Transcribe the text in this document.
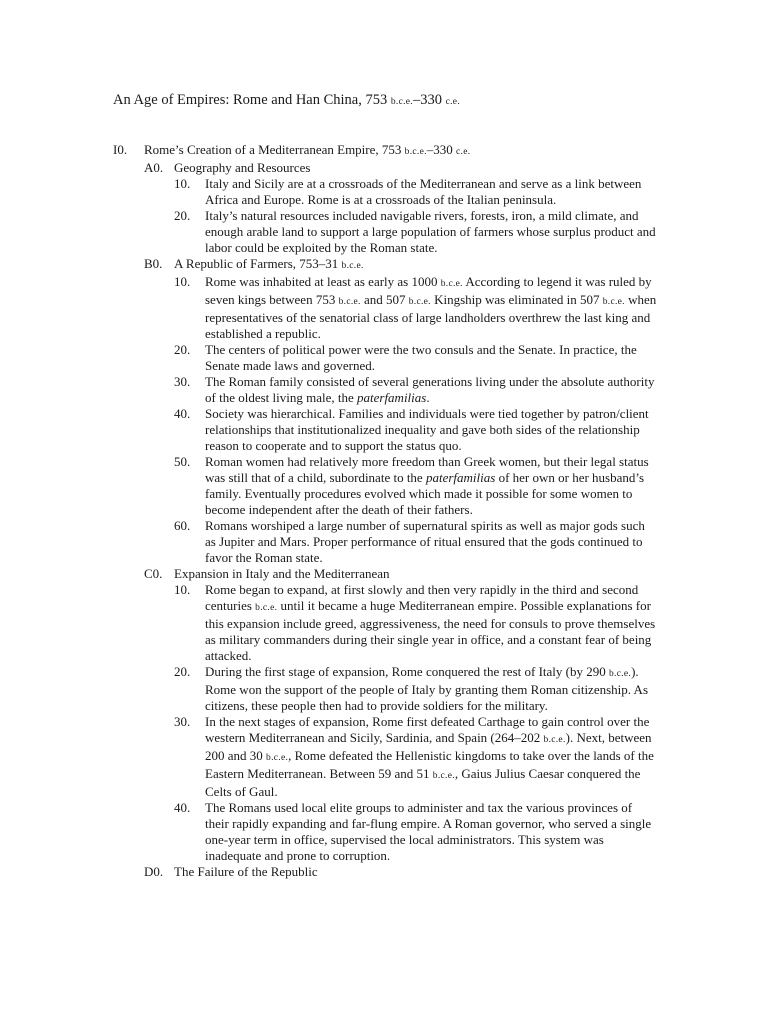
An Age of Empires: Rome and Han China, 753 b.c.e.–330 c.e.
I0.	Rome’s Creation of a Mediterranean Empire, 753 b.c.e.–330 c.e.
A0. Geography and Resources
10.	Italy and Sicily are at a crossroads of the Mediterranean and serve as a link between Africa and Europe. Rome is at a crossroads of the Italian peninsula.
20.	Italy’s natural resources included navigable rivers, forests, iron, a mild climate, and enough arable land to support a large population of farmers whose surplus product and labor could be exploited by the Roman state.
B0. A Republic of Farmers, 753–31 b.c.e.
10.	Rome was inhabited at least as early as 1000 b.c.e. According to legend it was ruled by seven kings between 753 b.c.e. and 507 b.c.e. Kingship was eliminated in 507 b.c.e. when representatives of the senatorial class of large landholders overthrew the last king and established a republic.
20.	The centers of political power were the two consuls and the Senate. In practice, the Senate made laws and governed.
30.	The Roman family consisted of several generations living under the absolute authority of the oldest living male, the paterfamilias.
40.	Society was hierarchical. Families and individuals were tied together by patron/client relationships that institutionalized inequality and gave both sides of the relationship reason to cooperate and to support the status quo.
50.	Roman women had relatively more freedom than Greek women, but their legal status was still that of a child, subordinate to the paterfamilias of her own or her husband’s family. Eventually procedures evolved which made it possible for some women to become independent after the death of their fathers.
60.	Romans worshiped a large number of supernatural spirits as well as major gods such as Jupiter and Mars. Proper performance of ritual ensured that the gods continued to favor the Roman state.
C0. Expansion in Italy and the Mediterranean
10.	Rome began to expand, at first slowly and then very rapidly in the third and second centuries b.c.e. until it became a huge Mediterranean empire. Possible explanations for this expansion include greed, aggressiveness, the need for consuls to prove themselves as military commanders during their single year in office, and a constant fear of being attacked.
20.	During the first stage of expansion, Rome conquered the rest of Italy (by 290 b.c.e.). Rome won the support of the people of Italy by granting them Roman citizenship. As citizens, these people then had to provide soldiers for the military.
30.	In the next stages of expansion, Rome first defeated Carthage to gain control over the western Mediterranean and Sicily, Sardinia, and Spain (264–202 b.c.e.). Next, between 200 and 30 b.c.e., Rome defeated the Hellenistic kingdoms to take over the lands of the Eastern Mediterranean. Between 59 and 51 b.c.e., Gaius Julius Caesar conquered the Celts of Gaul.
40.	The Romans used local elite groups to administer and tax the various provinces of their rapidly expanding and far-flung empire. A Roman governor, who served a single one-year term in office, supervised the local administrators. This system was inadequate and prone to corruption.
D0. The Failure of the Republic
